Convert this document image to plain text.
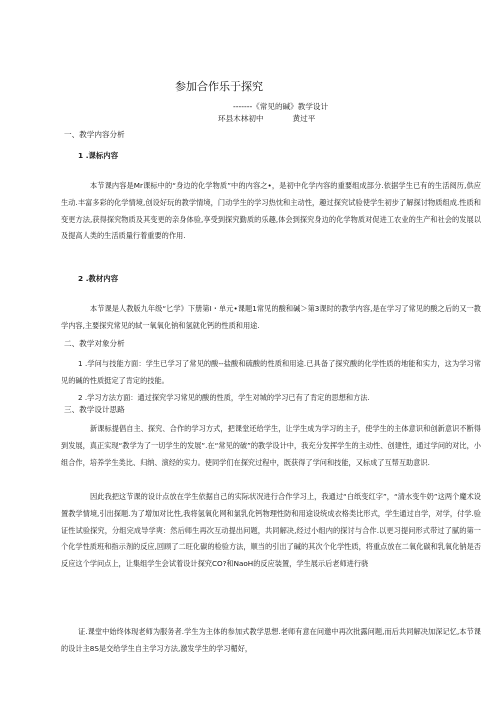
参加合作乐于探究
-------《常见的碱》教学设计
环县木林初中            黄过平
一、教学内容分析
1 .课标内容
本节课内容是Mr课标中的“身边的化学物质”中的内容之•，是初中化学内容的重要组成部分.依据学生已有的生活阅历,供应生动.丰富多彩的化学情境,创设好玩的教学情境，门动学生的学习热忱和主动性，趣过探究试验使学生初步了解探讨物质组成.性质和变更方法,获得探究物质及其变更的亲身体验,享受到探究勤质的乐趣,体会到探究身边的化学物质对促进工农业的生产和社会的发展以及提高人类的生活质量行着重要的作用.
2 .教材内容
本节课是人教版九年级“匕学》下册第I・单元•课题1常见的酸和碱＞第3课时的教学内容,是在学习了常见的酸之后的又一教学内容,主要探究常见的轼一氧氧化钠和氢就化钙的性质和用途.
二、教学对象分析
1 .学问与技能方面：学生已学习了常见的酸--盐酸和硫酸的性质和用途.已具备了探究酸的化学性质的地能和实力，这为学习常见的碱的性质挺定了肯定的技能。
2 .学习方法方面：通过探究学习常见的酸的性质，学生对城的学习已有了肯定的思想和方法.
三、教学设计思路
新课标提倡自主、探究、合作的学习方式，把课堂还给学生，让学生成为学习的主子，使学生的主体意识和创新意识不断得到发展，真正实现“教学为了一切学生的发展”.在“常见的破”的教学设计中，我充分发挥学生的主动性、创建性，通过学问的对比，小组合作，培养学生类比、归纳、演经的实力。使同学们在探究过程中，既获得了学问和技能，又标成了互帮互助意识.
因此我把这节课的设计点放在学生依据自己的实际状况进行合作学习上，我通过“白纸变红字”，“清水变牛奶”这两个魔术设置教学情境,引出探题.为了增加对比性,我将氢氧化网和氯乳化钙物理性防和用途设统成衣格类比形式，学生通过自学，对学，付学.验证性试验探究，分组完成导学爽：然后师生再次互动提出问题，共同解决,经过小组内的探讨与合作.以更习提问形式带过了腻的第一个化学性质班和指示剂的反应,回顾了二旺化碳的检验方法，顺当的引出了碱的其次个化学性质，将重点放在二氧化碳和乳氧化钠是否反应这个学问点上，让集组学生会试着设计探究CO?和NaoH的反应装置，学生展示后老师进行骁
证.课堂中始终体现老师为服务者.学生为主体的参加式教学思想.老师有意在问邀中再次批露问题,而后共同解决加深记忆,本节课的设计主8S是交给学生自主学习方法,激发学生的学习楣好，
